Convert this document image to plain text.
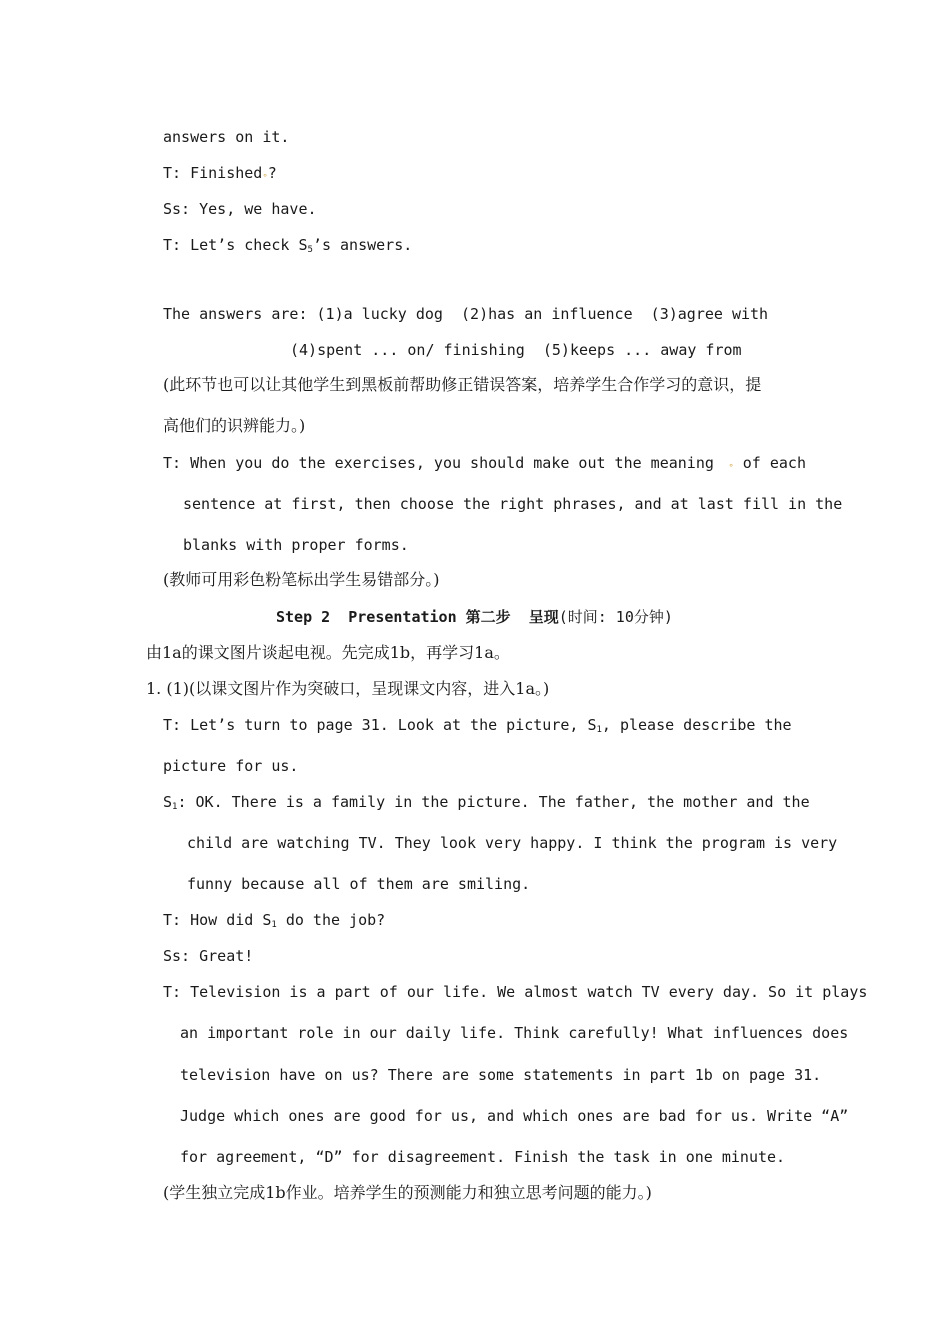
answers on it.
T: Finished∘?
Ss: Yes, we have.
T: Let’s check $S_5’s$ answers.
The answers are: (1)a lucky dog  (2)has an influence  (3)agree with
(4)spent ... on/ finishing  (5)keeps ... away from
(此环节也可以让其他学生到黑板前帮助修正错误答案，培养学生合作学习的意识，提
高他们的识辨能力。)
T: When you do the exercises, you should make out the meaning ∘ of each
sentence at first, then choose the right phrases, and at last fill in the
blanks with proper forms.
(教师可用彩色粉笔标出学生易错部分。)
Step 2  Presentation 第二步  呈现(时间: 10分钟)
由1a的课文图片谈起电视。先完成1b，再学习1a。
1. (1)(以课文图片作为突破口，呈现课文内容，进入1a。)
T: Let’s turn to page 31. Look at the picture, $S_1$, please describe the
picture for us.
$S_1$: OK. There is a family in the picture. The father, the mother and the
child are watching TV. They look very happy. I think the program is very
funny because all of them are smiling.
T: How did $S_1$ do the job?
Ss: Great!
T: Television is a part of our life. We almost watch TV every day. So it plays
an important role in our daily life. Think carefully! What influences does
television have on us? There are some statements in part 1b on page 31.
Judge which ones are good for us, and which ones are bad for us. Write “A”
for agreement, “D” for disagreement. Finish the task in one minute.
(学生独立完成1b作业。培养学生的预测能力和独立思考问题的能力。)
